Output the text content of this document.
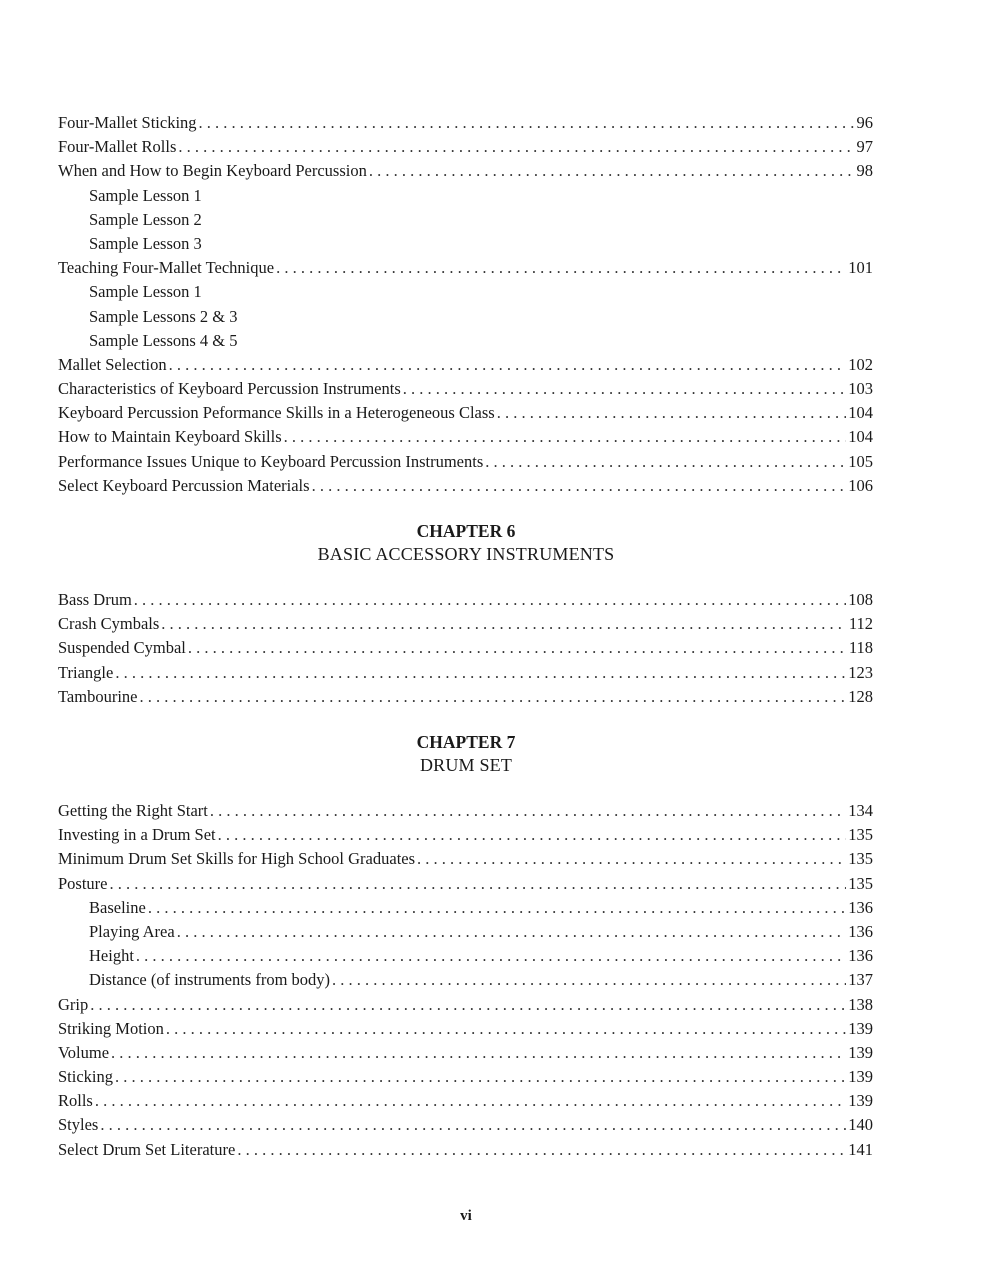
Four-Mallet Sticking . . .	96
Four-Mallet Rolls . . .	97
When and How to Begin Keyboard Percussion . . .	98
Sample Lesson 1
Sample Lesson 2
Sample Lesson 3
Teaching Four-Mallet Technique . . .	101
Sample Lesson 1
Sample Lessons 2 & 3
Sample Lessons 4 & 5
Mallet Selection . . .	102
Characteristics of Keyboard Percussion Instruments . . .	103
Keyboard Percussion Peformance Skills in a Heterogeneous Class . . .	104
How to Maintain Keyboard Skills . . .	104
Performance Issues Unique to Keyboard Percussion Instruments . . .	105
Select Keyboard Percussion Materials . . .	106
CHAPTER 6
BASIC ACCESSORY INSTRUMENTS
Bass Drum . . .	108
Crash Cymbals . . .	112
Suspended Cymbal . . .	118
Triangle . . .	123
Tambourine . . .	128
CHAPTER 7
DRUM SET
Getting the Right Start . . .	134
Investing in a Drum Set . . .	135
Minimum Drum Set Skills for High School Graduates . . .	135
Posture . . .	135
Baseline . . .	136
Playing Area . . .	136
Height . . .	136
Distance (of instruments from body) . . .	137
Grip . . .	138
Striking Motion . . .	139
Volume . . .	139
Sticking . . .	139
Rolls . . .	139
Styles . . .	140
Select Drum Set Literature . . .	141
vi
